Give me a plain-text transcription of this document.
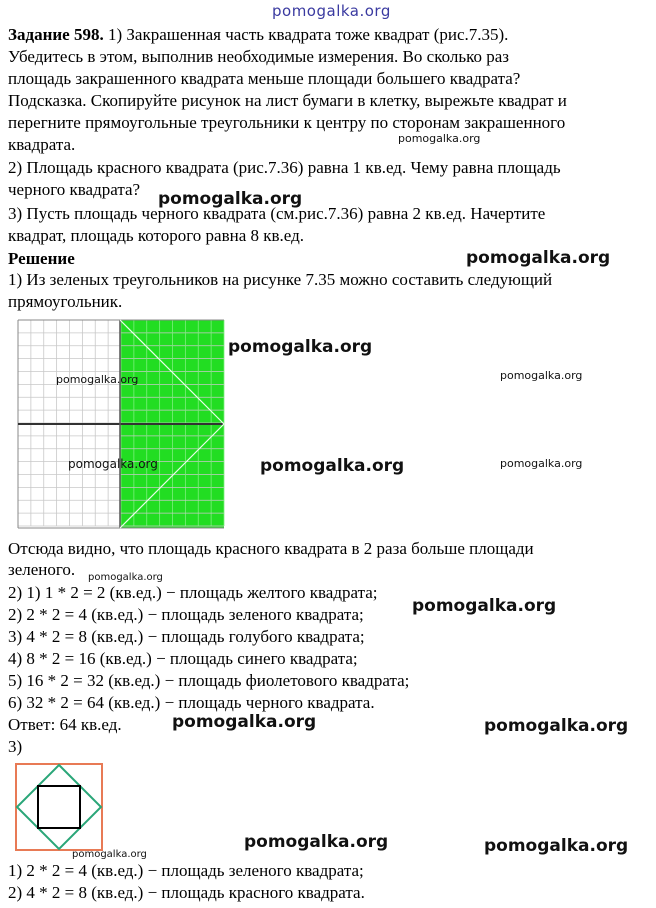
pomogalka.org
Задание 598. 1) Закрашенная часть квадрата тоже квадрат (рис.7.35).
Убедитесь в этом, выполнив необходимые измерения. Во сколько раз
площадь закрашенного квадрата меньше площади большего квадрата?
Подсказка. Скопируйте рисунок на лист бумаги в клетку, вырежьте квадрат и
перегните прямоугольные треугольники к центру по сторонам закрашенного
квадрата.	pomogalka.org
2) Площадь красного квадрата (рис.7.36) равна 1 кв.ед. Чему равна площадь
черного квадрата? pomogalka.org
3) Пусть площадь черного квадрата (см.рис.7.36) равна 2 кв.ед. Начертите
квадрат, площадь которого равна 8 кв.ед.
Решение	pomogalka.org
1) Из зеленых треугольников на рисунке 7.35 можно составить следующий
прямоугольник.
pomogalka.org
pomogalka.org	pomogalka.org
pomogalka.org	pomogalka.org	pomogalka.org
Отсюда видно, что площадь красного квадрата в 2 раза больше площади
зеленого. pomogalka.org
2) 1) 1 * 2 = 2 (кв.ед.) − площадь желтого квадрата;
2) 2 * 2 = 4 (кв.ед.) − площадь зеленого квадрата;	pomogalka.org
3) 4 * 2 = 8 (кв.ед.) − площадь голубого квадрата;
4) 8 * 2 = 16 (кв.ед.) − площадь синего квадрата;
5) 16 * 2 = 32 (кв.ед.) − площадь фиолетового квадрата;
6) 32 * 2 = 64 (кв.ед.) − площадь черного квадрата.
Ответ: 64 кв.ед.	pomogalka.org	pomogalka.org
3)
pomogalka.org	pomogalka.org
pomogalka.org
1) 2 * 2 = 4 (кв.ед.) − площадь зеленого квадрата;
2) 4 * 2 = 8 (кв.ед.) − площадь красного квадрата.
